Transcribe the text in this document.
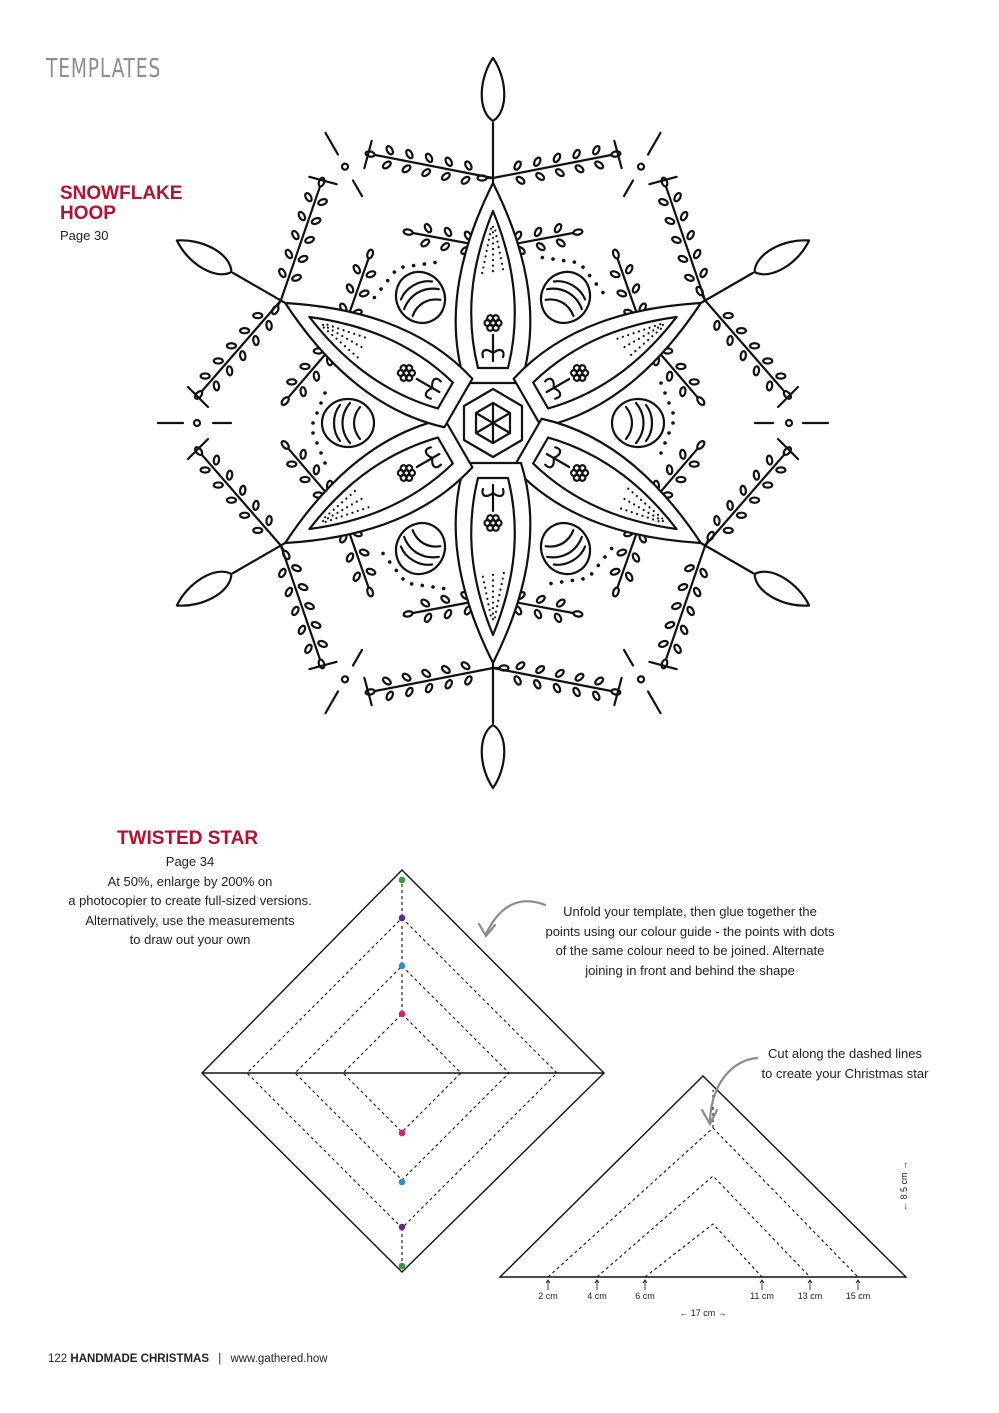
TEMPLATES
SNOWFLAKE
HOOP
Page 30
2 cm	4 cm	6 cm	11 cm	13 cm	15 cm
← 17 cm →
← 8.5 cm →
TWISTED STAR
Page 34
At 50%, enlarge by 200% on
a photocopier to create full-sized versions.
Alternatively, use the measurements
to draw out your own
Unfold your template, then glue together the
points using our colour guide - the points with dots
of the same colour need to be joined. Alternate
joining in front and behind the shape
Cut along the dashed lines
to create your Christmas star
122 HANDMADE CHRISTMAS | www.gathered.how
